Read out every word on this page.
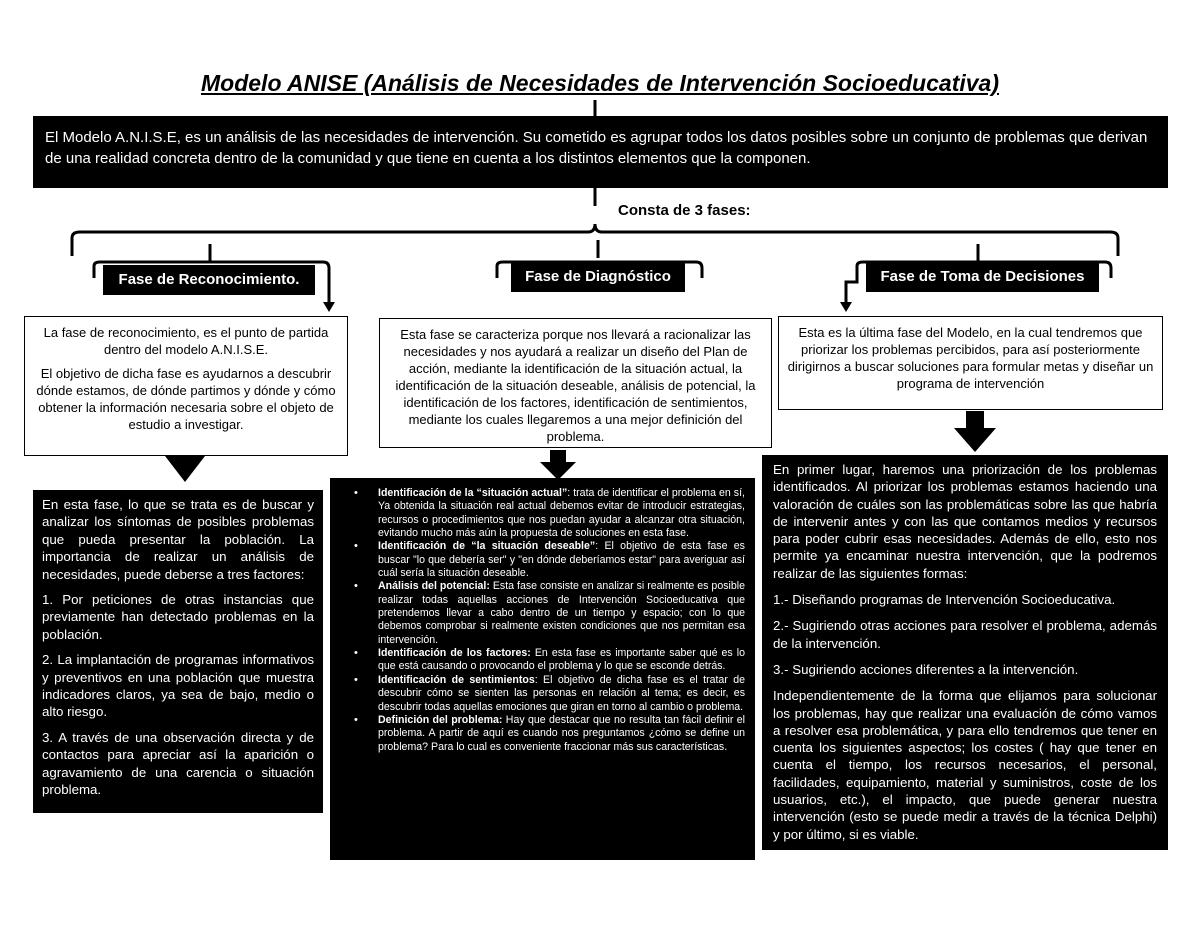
Modelo ANISE (Análisis de Necesidades de Intervención Socioeducativa)
El Modelo A.N.I.S.E, es un análisis de las necesidades de intervención. Su cometido es agrupar todos los datos posibles sobre un conjunto de problemas que derivan de una realidad concreta dentro de la comunidad y que tiene en cuenta a los distintos elementos que la componen.
Consta de 3 fases:
Fase de Reconocimiento.	Fase de Diagnóstico	Fase de Toma de Decisiones

La fase de reconocimiento, es el punto de partida dentro del modelo A.N.I.S.E.

El objetivo de dicha fase es ayudarnos a descubrir dónde estamos, de dónde partimos y dónde y cómo obtener la información necesaria sobre el objeto de estudio a investigar.

Esta fase se caracteriza porque nos llevará a racionalizar las necesidades y nos ayudará a realizar un diseño del Plan de acción, mediante la identificación de la situación actual, la identificación de la situación deseable, análisis de potencial, la identificación de los factores, identificación de sentimientos, mediante los cuales llegaremos a una mejor definición del problema.

Esta es la última fase del Modelo, en la cual tendremos que priorizar los problemas percibidos, para así posteriormente dirigirnos a buscar soluciones para formular metas y diseñar un programa de intervención

En esta fase, lo que se trata es de buscar y analizar los síntomas de posibles problemas que pueda presentar la población. La importancia de realizar un análisis de necesidades, puede deberse a tres factores:

1. Por peticiones de otras instancias que previamente han detectado problemas en la población.

2. La implantación de programas informativos y preventivos en una población que muestra indicadores claros, ya sea de bajo, medio o alto riesgo.

3. A través de una observación directa y de contactos para apreciar así la aparición o agravamiento de una carencia o situación problema.

• Identificación de la “situación actual”: trata de identificar el problema en sí, Ya obtenida la situación real actual debemos evitar de introducir estrategias, recursos o procedimientos que nos puedan ayudar a alcanzar otra situación, evitando mucho más aún la propuesta de soluciones en esta fase.
• Identificación de “la situación deseable”: El objetivo de esta fase es buscar "lo que debería ser" y "en dónde deberíamos estar" para averiguar así cuál sería la situación deseable.
• Análisis del potencial: Esta fase consiste en analizar si realmente es posible realizar todas aquellas acciones de Intervención Socioeducativa que pretendemos llevar a cabo dentro de un tiempo y espacio; con lo que debemos comprobar si realmente existen condiciones que nos permitan esa intervención.
• Identificación de los factores: En esta fase es importante saber qué es lo que está causando o provocando el problema y lo que se esconde detrás.
• Identificación de sentimientos: El objetivo de dicha fase es el tratar de descubrir cómo se sienten las personas en relación al tema; es decir, es descubrir todas aquellas emociones que giran en torno al cambio o problema.
• Definición del problema: Hay que destacar que no resulta tan fácil definir el problema. A partir de aquí es cuando nos preguntamos ¿cómo se define un problema? Para lo cual es conveniente fraccionar más sus características.

En primer lugar, haremos una priorización de los problemas identificados. Al priorizar los problemas estamos haciendo una valoración de cuáles son las problemáticas sobre las que habría de intervenir antes y con las que contamos medios y recursos para poder cubrir esas necesidades. Además de ello, esto nos permite ya encaminar nuestra intervención, que la podremos realizar de las siguientes formas:

1.- Diseñando programas de Intervención Socioeducativa.

2.- Sugiriendo otras acciones para resolver el problema, además de la intervención.

3.- Sugiriendo acciones diferentes a la intervención.

Independientemente de la forma que elijamos para solucionar los problemas, hay que realizar una evaluación de cómo vamos a resolver esa problemática, y para ello tendremos que tener en cuenta los siguientes aspectos; los costes ( hay que tener en cuenta el tiempo, los recursos necesarios, el personal, facilidades, equipamiento, material y suministros, coste de los usuarios, etc.), el impacto, que puede generar nuestra intervención (esto se puede medir a través de la técnica Delphi) y por último, si es viable.
